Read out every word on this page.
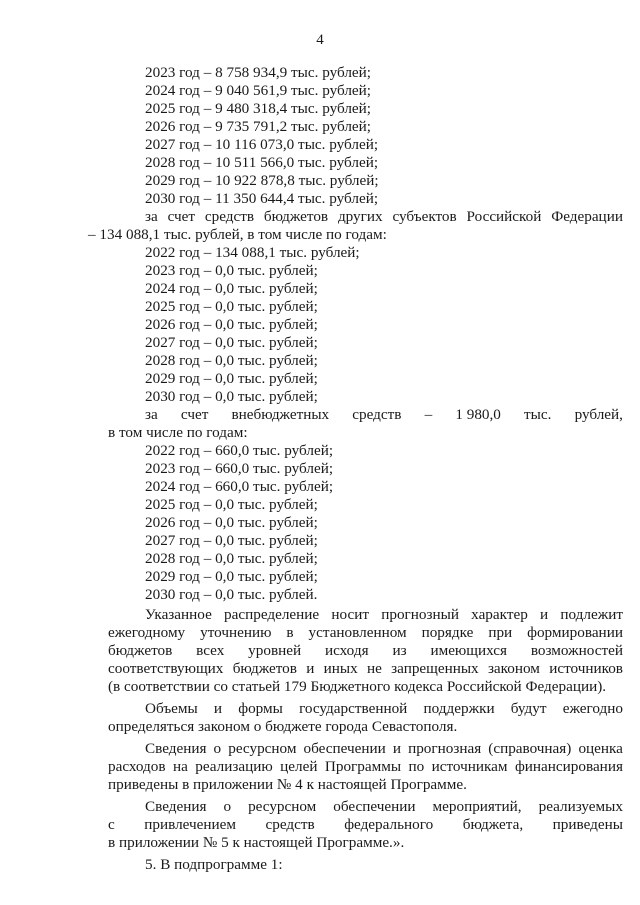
4
2023 год – 8 758 934,9 тыс. рублей;
2024 год – 9 040 561,9 тыс. рублей;
2025 год – 9 480 318,4 тыс. рублей;
2026 год – 9 735 791,2 тыс. рублей;
2027 год – 10 116 073,0 тыс. рублей;
2028 год – 10 511 566,0 тыс. рублей;
2029 год – 10 922 878,8 тыс. рублей;
2030 год – 11 350 644,4 тыс. рублей;
за счет средств бюджетов других субъектов Российской Федерации
– 134 088,1 тыс. рублей, в том числе по годам:
2022 год – 134 088,1 тыс. рублей;
2023 год – 0,0 тыс. рублей;
2024 год – 0,0 тыс. рублей;
2025 год – 0,0 тыс. рублей;
2026 год – 0,0 тыс. рублей;
2027 год – 0,0 тыс. рублей;
2028 год – 0,0 тыс. рублей;
2029 год – 0,0 тыс. рублей;
2030 год – 0,0 тыс. рублей;
за счет внебюджетных средств – 1 980,0 тыс. рублей,
в том числе по годам:
2022 год – 660,0 тыс. рублей;
2023 год – 660,0 тыс. рублей;
2024 год – 660,0 тыс. рублей;
2025 год – 0,0 тыс. рублей;
2026 год – 0,0 тыс. рублей;
2027 год – 0,0 тыс. рублей;
2028 год – 0,0 тыс. рублей;
2029 год – 0,0 тыс. рублей;
2030 год – 0,0 тыс. рублей.
Указанное распределение носит прогнозный характер и подлежит
ежегодному уточнению в установленном порядке при формировании
бюджетов всех уровней исходя из имеющихся возможностей
соответствующих бюджетов и иных не запрещенных законом источников
(в соответствии со статьей 179 Бюджетного кодекса Российской Федерации).
Объемы и формы государственной поддержки будут ежегодно
определяться законом о бюджете города Севастополя.
Сведения о ресурсном обеспечении и прогнозная (справочная) оценка
расходов на реализацию целей Программы по источникам финансирования
приведены в приложении № 4 к настоящей Программе.
Сведения о ресурсном обеспечении мероприятий, реализуемых
с привлечением средств федерального бюджета, приведены
в приложении № 5 к настоящей Программе.».
5. В подпрограмме 1:
